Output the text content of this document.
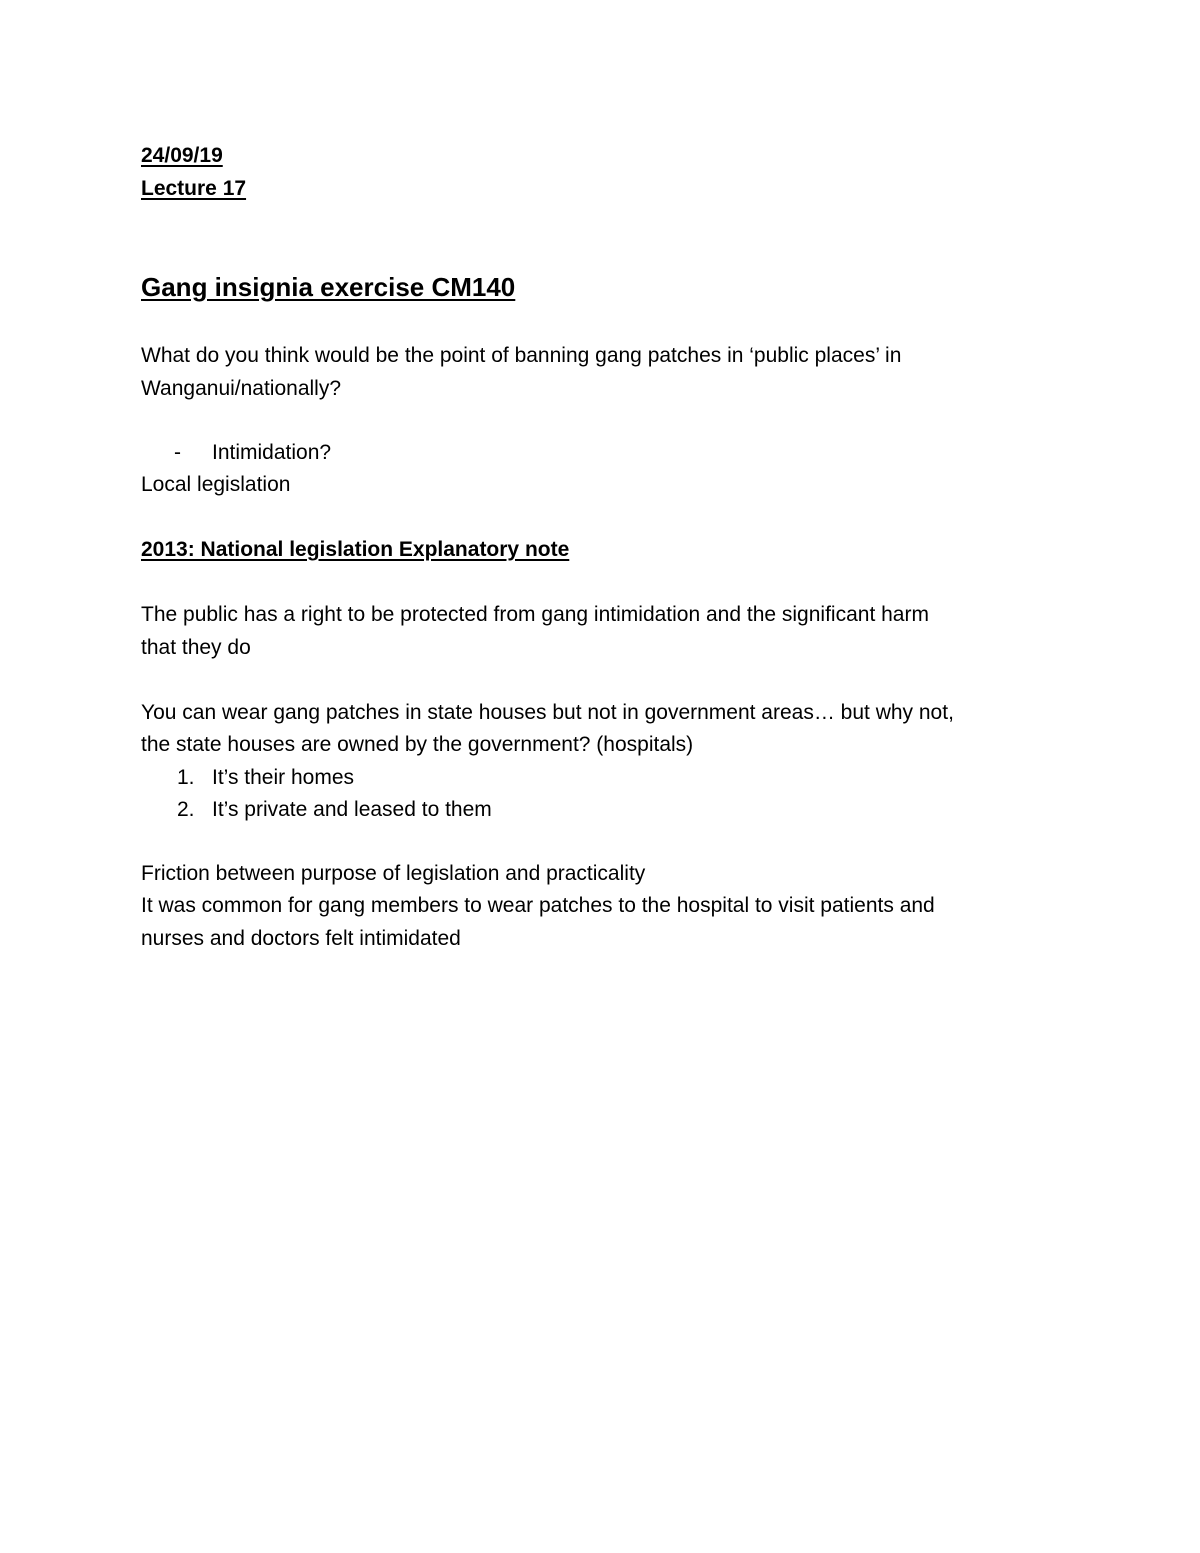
24/09/19
Lecture 17
Gang insignia exercise CM140
What do you think would be the point of banning gang patches in ‘public places’ in
Wanganui/nationally?
- Intimidation?
Local legislation
2013: National legislation Explanatory note
The public has a right to be protected from gang intimidation and the significant harm
that they do
You can wear gang patches in state houses but not in government areas… but why not,
the state houses are owned by the government? (hospitals)
1. It’s their homes
2. It’s private and leased to them
Friction between purpose of legislation and practicality
It was common for gang members to wear patches to the hospital to visit patients and
nurses and doctors felt intimidated
